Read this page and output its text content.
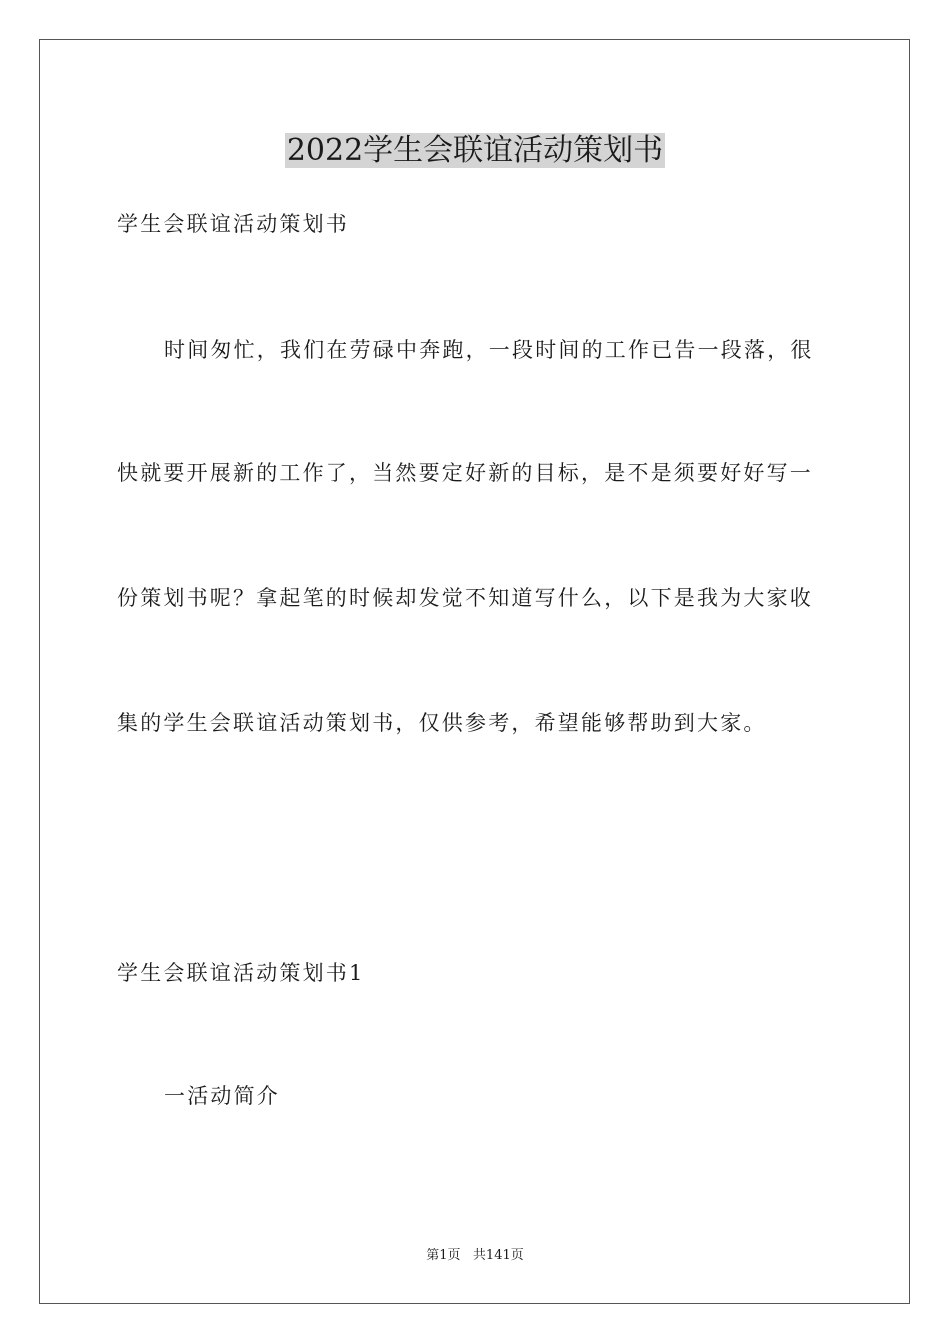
2022学生会联谊活动策划书

学生会联谊活动策划书

时间匆忙，我们在劳碌中奔跑，一段时间的工作已告一段落，很

快就要开展新的工作了，当然要定好新的目标，是不是须要好好写一

份策划书呢？拿起笔的时候却发觉不知道写什么，以下是我为大家收

集的学生会联谊活动策划书，仅供参考，希望能够帮助到大家。

学生会联谊活动策划书1

一活动简介

第1页   共141页
